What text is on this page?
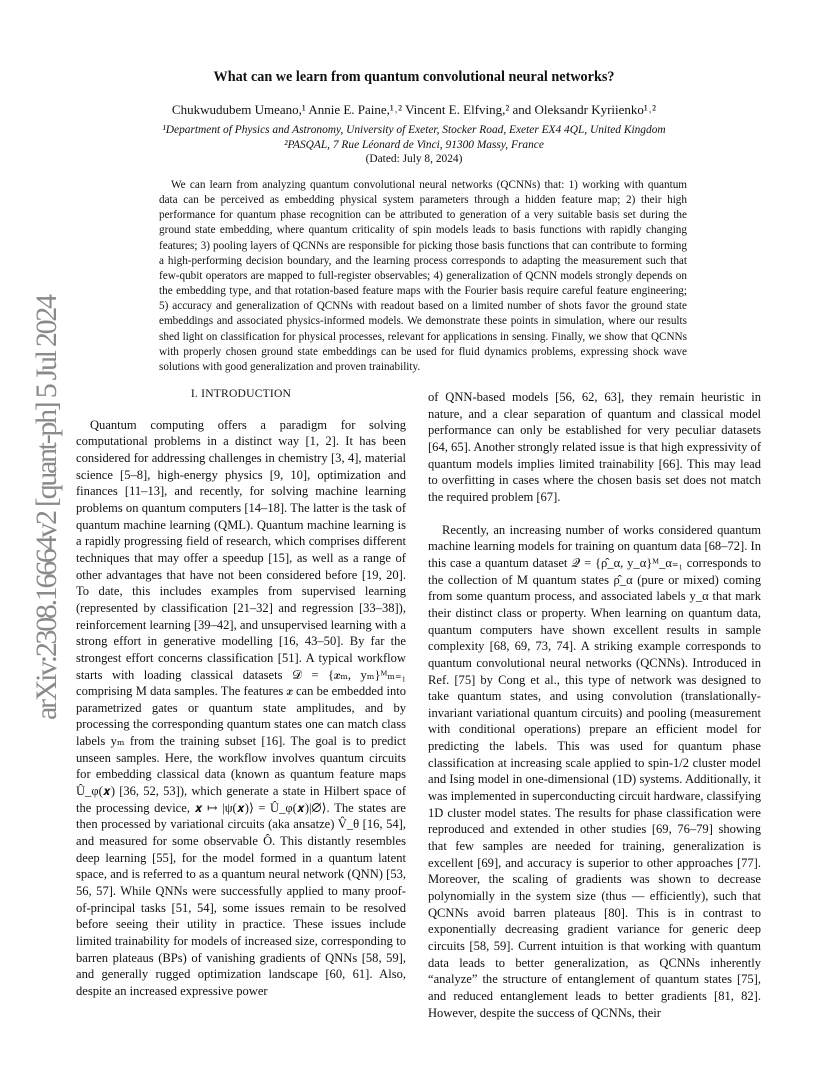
arXiv:2308.16664v2 [quant-ph] 5 Jul 2024
What can we learn from quantum convolutional neural networks?
Chukwudubem Umeano,¹ Annie E. Paine,¹˒² Vincent E. Elfving,² and Oleksandr Kyriienko¹˒²
¹Department of Physics and Astronomy, University of Exeter, Stocker Road, Exeter EX4 4QL, United Kingdom
²PASQAL, 7 Rue Léonard de Vinci, 91300 Massy, France
(Dated: July 8, 2024)
We can learn from analyzing quantum convolutional neural networks (QCNNs) that: 1) working with quantum data can be perceived as embedding physical system parameters through a hidden feature map; 2) their high performance for quantum phase recognition can be attributed to generation of a very suitable basis set during the ground state embedding, where quantum criticality of spin models leads to basis functions with rapidly changing features; 3) pooling layers of QCNNs are responsible for picking those basis functions that can contribute to forming a high-performing decision boundary, and the learning process corresponds to adapting the measurement such that few-qubit operators are mapped to full-register observables; 4) generalization of QCNN models strongly depends on the embedding type, and that rotation-based feature maps with the Fourier basis require careful feature engineering; 5) accuracy and generalization of QCNNs with readout based on a limited number of shots favor the ground state embeddings and associated physics-informed models. We demonstrate these points in simulation, where our results shed light on classification for physical processes, relevant for applications in sensing. Finally, we show that QCNNs with properly chosen ground state embeddings can be used for fluid dynamics problems, expressing shock wave solutions with good generalization and proven trainability.
I. INTRODUCTION

Quantum computing offers a paradigm for solving computational problems in a distinct way [1, 2]. It has been considered for addressing challenges in chemistry [3, 4], material science [5–8], high-energy physics [9, 10], optimization and finances [11–13], and recently, for solving machine learning problems on quantum computers [14–18]. The latter is the task of quantum machine learning (QML). Quantum machine learning is a rapidly progressing field of research, which comprises different techniques that may offer a speedup [15], as well as a range of other advantages that have not been considered before [19, 20]. To date, this includes examples from supervised learning (represented by classification [21–32] and regression [33–38]), reinforcement learning [39–42], and unsupervised learning with a strong effort in generative modelling [16, 43–50]. By far the strongest effort concerns classification [51]. A typical workflow starts with loading classical datasets 𝒟 = {𝒙ₘ, yₘ}ᴹₘ₌₁ comprising M data samples. The features 𝒙 can be embedded into parametrized gates or quantum state amplitudes, and by processing the corresponding quantum states one can match class labels yₘ from the training subset [16]. The goal is to predict unseen samples. Here, the workflow involves quantum circuits for embedding classical data (known as quantum feature maps Û_φ(𝒙) [36, 52, 53]), which generate a state in Hilbert space of the processing device, 𝒙 ↦ |ψ(𝒙)⟩ = Û_φ(𝒙)|∅⟩. The states are then processed by variational circuits (aka ansatze) V̂_θ [16, 54], and measured for some observable Ô. This distantly resembles deep learning [55], for the model formed in a quantum latent space, and is referred to as a quantum neural network (QNN) [53, 56, 57]. While QNNs were successfully applied to many proof-of-principal tasks [51, 54], some issues remain to be resolved before seeing their utility in practice. These issues include limited trainability for models of increased size, corresponding to barren plateaus (BPs) of vanishing gradients of QNNs [58, 59], and generally rugged optimization landscape [60, 61]. Also, despite an increased expressive power

of QNN-based models [56, 62, 63], they remain heuristic in nature, and a clear separation of quantum and classical model performance can only be established for very peculiar datasets [64, 65]. Another strongly related issue is that high expressivity of quantum models implies limited trainability [66]. This may lead to overfitting in cases where the chosen basis set does not match the required problem [67].

Recently, an increasing number of works considered quantum machine learning models for training on quantum data [68–72]. In this case a quantum dataset 𝒬 = {ρ̂_α, y_α}ᴹ_α₌₁ corresponds to the collection of M quantum states ρ̂_α (pure or mixed) coming from some quantum process, and associated labels y_α that mark their distinct class or property. When learning on quantum data, quantum computers have shown excellent results in sample complexity [68, 69, 73, 74]. A striking example corresponds to quantum convolutional neural networks (QCNNs). Introduced in Ref. [75] by Cong et al., this type of network was designed to take quantum states, and using convolution (translationally-invariant variational quantum circuits) and pooling (measurement with conditional operations) prepare an efficient model for predicting the labels. This was used for quantum phase classification at increasing scale applied to spin-1/2 cluster model and Ising model in one-dimensional (1D) systems. Additionally, it was implemented in superconducting circuit hardware, classifying 1D cluster model states. The results for phase classification were reproduced and extended in other studies [69, 76–79] showing that few samples are needed for training, generalization is excellent [69], and accuracy is superior to other approaches [77]. Moreover, the scaling of gradients was shown to decrease polynomially in the system size (thus — efficiently), such that QCNNs avoid barren plateaus [80]. This is in contrast to exponentially decreasing gradient variance for generic deep circuits [58, 59]. Current intuition is that working with quantum data leads to better generalization, as QCNNs inherently “analyze” the structure of entanglement of quantum states [75], and reduced entanglement leads to better gradients [81, 82]. However, despite the success of QCNNs, their
